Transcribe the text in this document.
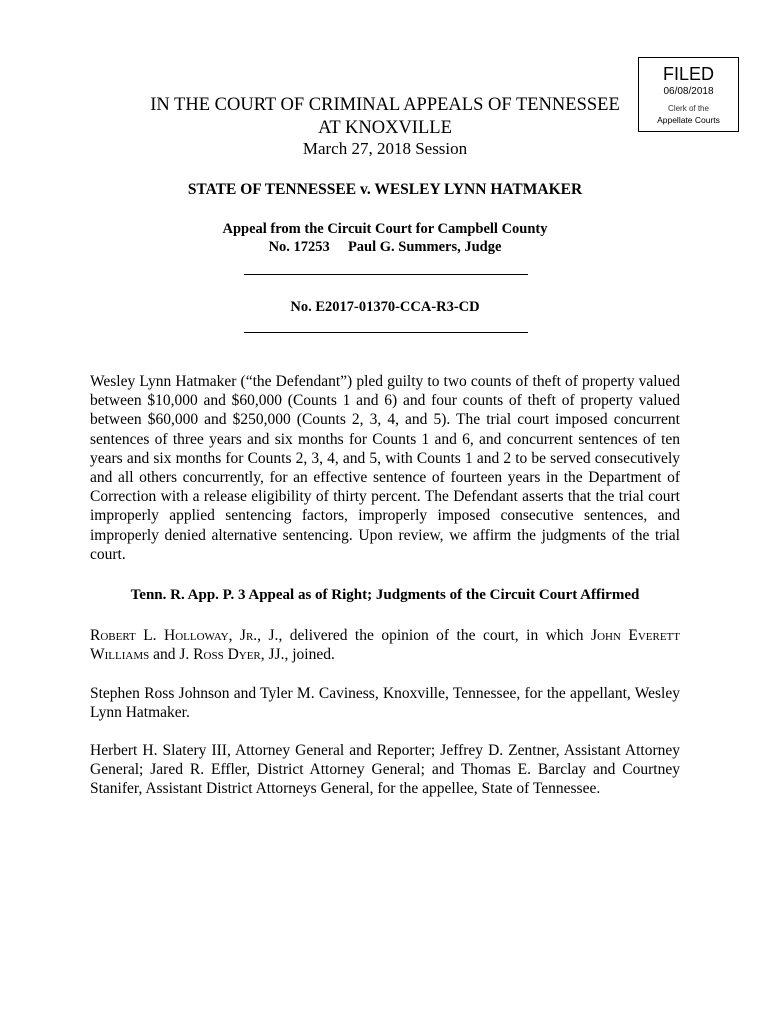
FILED
06/08/2018
Clerk of the
Appellate Courts
IN THE COURT OF CRIMINAL APPEALS OF TENNESSEE
AT KNOXVILLE
March 27, 2018 Session
STATE OF TENNESSEE v. WESLEY LYNN HATMAKER
Appeal from the Circuit Court for Campbell County
No. 17253 Paul G. Summers, Judge
No. E2017-01370-CCA-R3-CD
Wesley Lynn Hatmaker (“the Defendant”) pled guilty to two counts of theft of property valued between $10,000 and $60,000 (Counts 1 and 6) and four counts of theft of property valued between $60,000 and $250,000 (Counts 2, 3, 4, and 5). The trial court imposed concurrent sentences of three years and six months for Counts 1 and 6, and concurrent sentences of ten years and six months for Counts 2, 3, 4, and 5, with Counts 1 and 2 to be served consecutively and all others concurrently, for an effective sentence of fourteen years in the Department of Correction with a release eligibility of thirty percent. The Defendant asserts that the trial court improperly applied sentencing factors, improperly imposed consecutive sentences, and improperly denied alternative sentencing. Upon review, we affirm the judgments of the trial court.
Tenn. R. App. P. 3 Appeal as of Right; Judgments of the Circuit Court Affirmed
Robert L. Holloway, Jr., J., delivered the opinion of the court, in which John Everett Williams and J. Ross Dyer, JJ., joined.
Stephen Ross Johnson and Tyler M. Caviness, Knoxville, Tennessee, for the appellant, Wesley Lynn Hatmaker.
Herbert H. Slatery III, Attorney General and Reporter; Jeffrey D. Zentner, Assistant Attorney General; Jared R. Effler, District Attorney General; and Thomas E. Barclay and Courtney Stanifer, Assistant District Attorneys General, for the appellee, State of Tennessee.
